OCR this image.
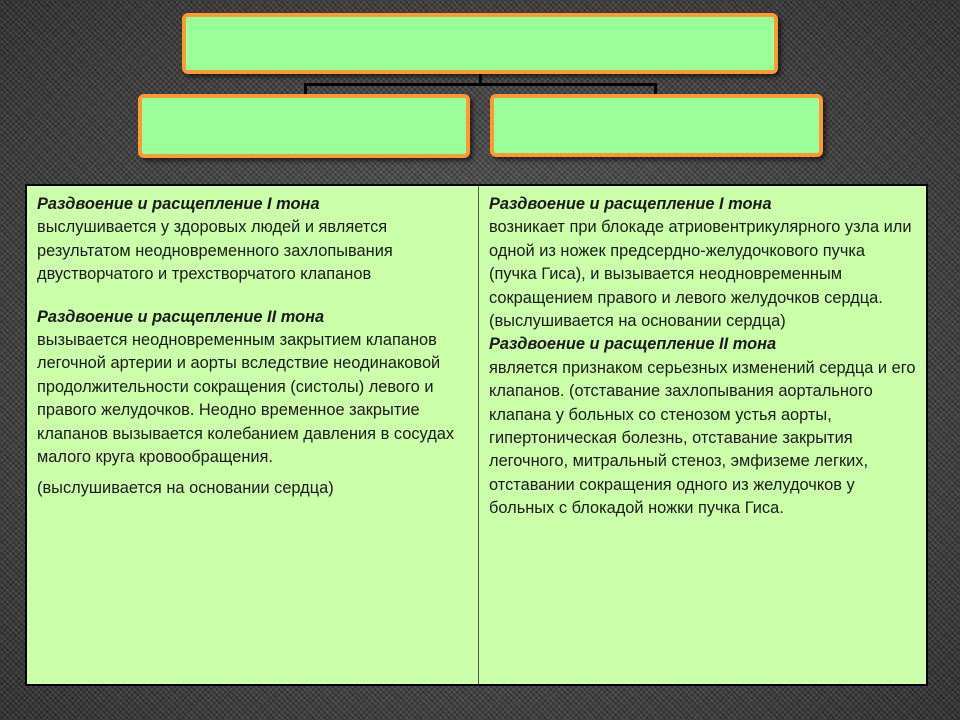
Раздвоение и расщепление I тона
выслушивается у здоровых людей и является результатом неодновременного захлопывания двустворчатого и трехстворчатого клапанов

Раздвоение и расщепление II тона
вызывается неодновременным закрытием клапанов легочной артерии и аорты вследствие неодинаковой продолжительности сокращения (систолы) левого и правого желудочков. Неодно временное закрытие клапанов вызывается колебанием давления в сосудах малого круга кровообращения.

(выслушивается на основании сердца)

Раздвоение и расщепление I тона
возникает при блокаде атриовентрикулярного узла или одной из ножек предсердно-желудочкового пучка (пучка Гиса), и вызывается неодновременным сокращением правого и левого желудочков сердца. (выслушивается на основании сердца)

Раздвоение и расщепление II тона
является признаком серьезных изменений сердца и его клапанов. (отставание захлопывания аортального клапана у больных со стенозом устья аорты, гипертоническая болезнь, отставание закрытия легочного, митральный стеноз, эмфиземе легких, отставании сокращения одного из желудочков у больных с блокадой ножки пучка Гиса.
